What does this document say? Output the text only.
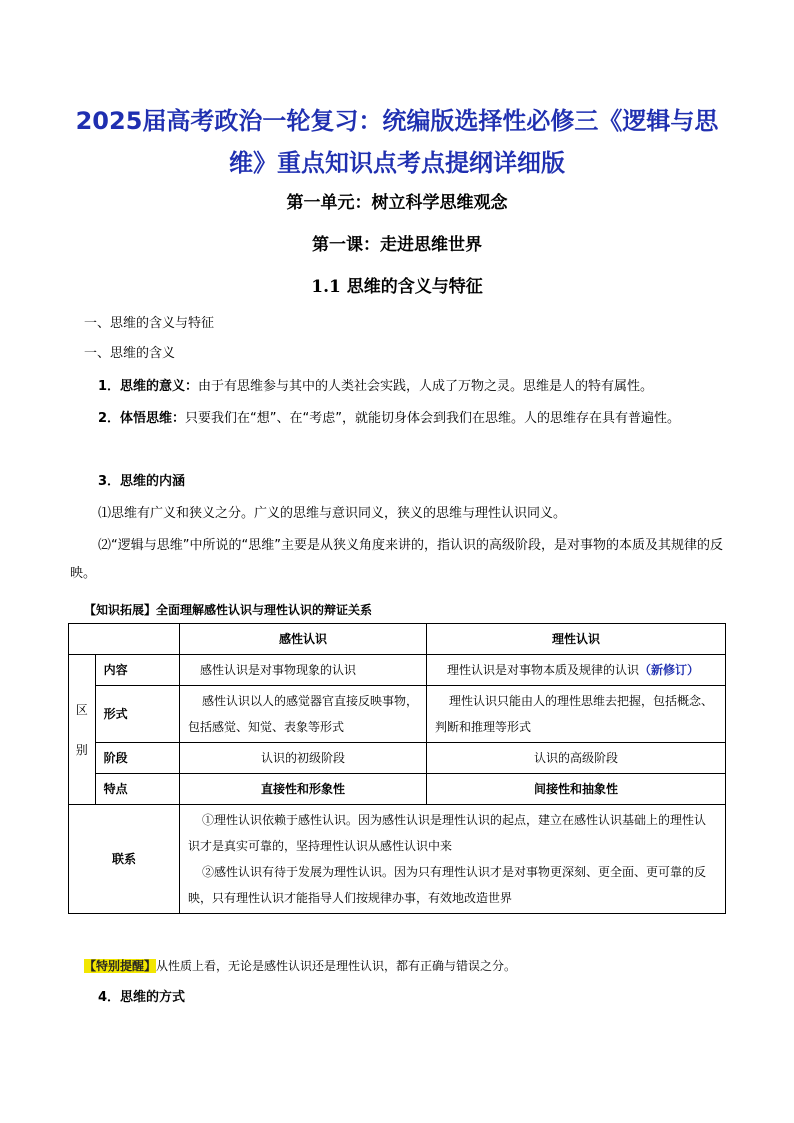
2025届高考政治一轮复习：统编版选择性必修三《逻辑与思维》重点知识点考点提纲详细版
第一单元：树立科学思维观念
第一课：走进思维世界
1.1 思维的含义与特征

一、思维的含义与特征

一、思维的含义

1．思维的意义：由于有思维参与其中的人类社会实践，人成了万物之灵。思维是人的特有属性。

2．体悟思维：只要我们在“想”、在“考虑”，就能切身体会到我们在思维。人的思维存在具有普遍性。

3．思维的内涵

⑴思维有广义和狭义之分。广义的思维与意识同义，狭义的思维与理性认识同义。

⑵“逻辑与思维”中所说的“思维”主要是从狭义角度来讲的，指认识的高级阶段，是对事物的本质及其规律的反映。

【知识拓展】全面理解感性认识与理性认识的辩证关系

		感性认识	理性认识
区
别	内容	感性认识是对事物现象的认识	理性认识是对事物本质及规律的认识（新修订）
	形式	感性认识以人的感觉器官直接反映事物，包括感觉、知觉、表象等形式	理性认识只能由人的理性思维去把握，包括概念、判断和推理等形式
	阶段	认识的初级阶段	认识的高级阶段
	特点	直接性和形象性	间接性和抽象性
联系		①理性认识依赖于感性认识。因为感性认识是理性认识的起点，建立在感性认识基础上的理性认识才是真实可靠的，坚持理性认识从感性认识中来
②感性认识有待于发展为理性认识。因为只有理性认识才是对事物更深刻、更全面、更可靠的反映，只有理性认识才能指导人们按规律办事，有效地改造世界	

【特别提醒】从性质上看，无论是感性认识还是理性认识，都有正确与错误之分。

4．思维的方式
